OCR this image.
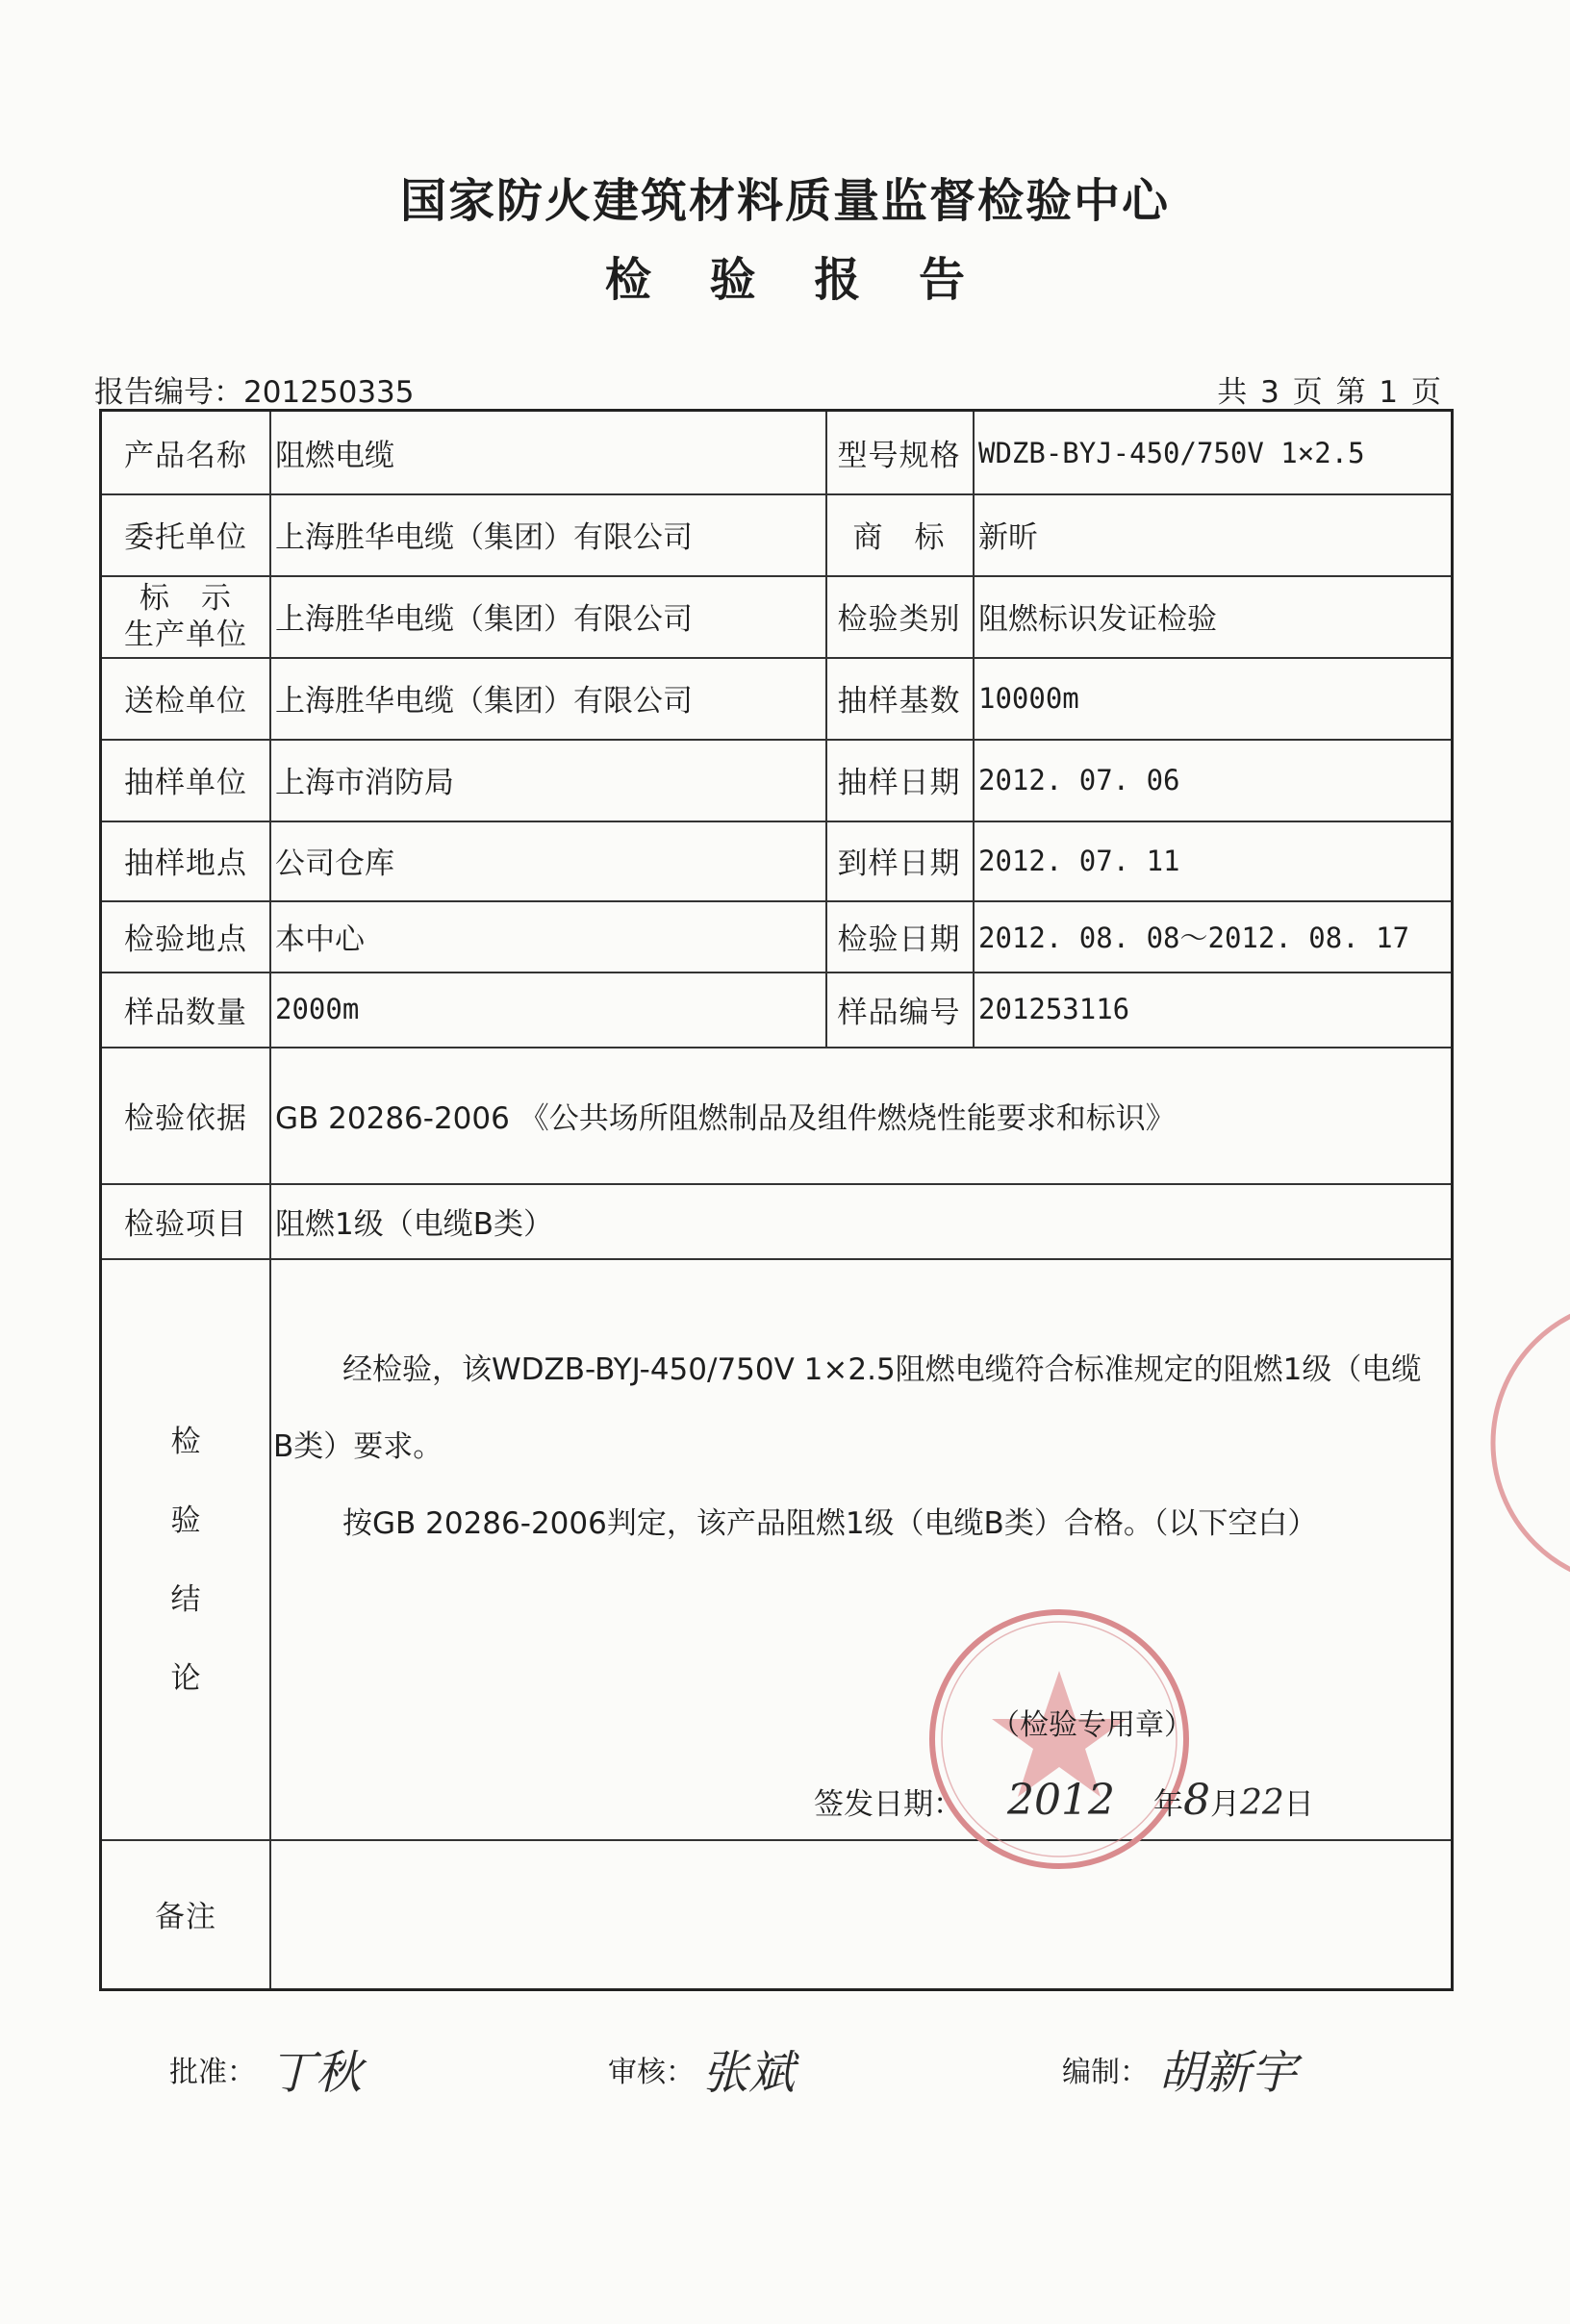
国家防火建筑材料质量监督检验中心
检 验 报 告
报告编号：201250335	共 3 页 第 1 页
产品名称 阻燃电缆	型号规格 WDZB-BYJ-450/750V 1×2.5
委托单位 上海胜华电缆（集团）有限公司	商　标	新昕
标　示
生产单位 上海胜华电缆（集团）有限公司	检验类别 阻燃标识发证检验
送检单位 上海胜华电缆（集团）有限公司	抽样基数 10000m
抽样单位 上海市消防局	抽样日期 2012. 07. 06
抽样地点 公司仓库	到样日期 2012. 07. 11
检验地点 本中心	检验日期 2012. 08. 08～2012. 08. 17
样品数量	2000m	样品编号 201253116
检验依据 GB 20286-2006 《公共场所阻燃制品及组件燃烧性能要求和标识》
检验项目 阻燃1级（电缆B类）
检
验
结
论
经检验，该WDZB-BYJ-450/750V 1×2.5阻燃电缆符合标准规定的阻燃1级（电缆
B类）要求。
按GB 20286-2006判定，该产品阻燃1级（电缆B类）合格。（以下空白）
备注
（检验专用章）
签发日期： 2012 年 8 月 22 日
批准： 丁秋	审核： 张斌	编制： 胡新宇
